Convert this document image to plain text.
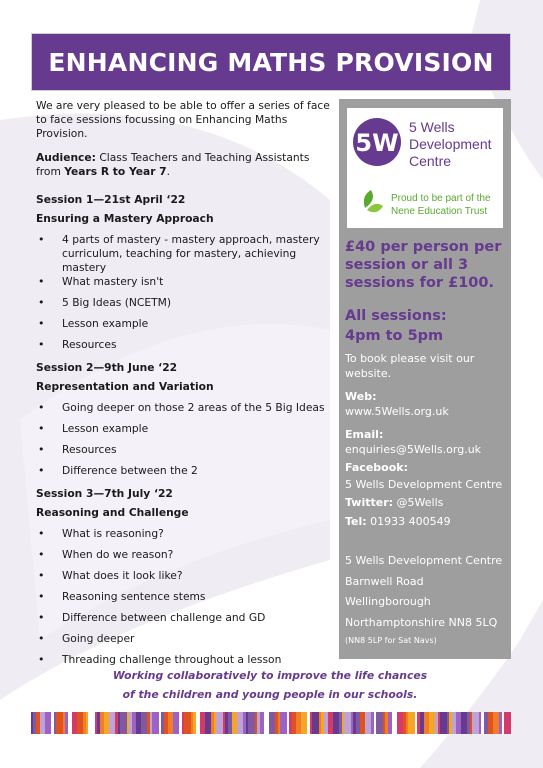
ENHANCING MATHS PROVISION

We are very pleased to be able to offer a series of face to face sessions focussing on Enhancing Maths Provision.

Audience: Class Teachers and Teaching Assistants from Years R to Year 7.

Session 1—21st April ‘22

Ensuring a Mastery Approach

• 4 parts of mastery - mastery approach, mastery curriculum, teaching for mastery, achieving mastery
• What mastery isn't
• 5 Big Ideas (NCETM)
• Lesson example
• Resources

Session 2—9th June ‘22

Representation and Variation

• Going deeper on those 2 areas of the 5 Big Ideas
• Lesson example
• Resources
• Difference between the 2

Session 3—7th July ‘22

Reasoning and Challenge

• What is reasoning?
• When do we reason?
• What does it look like?
• Reasoning sentence stems
• Difference between challenge and GD
• Going deeper
• Threading challenge throughout a lesson
5W
5 Wells
Development
Centre
Proud to be part of the
Nene Education Trust
£40 per person per session or all 3 sessions for £100.
All sessions:
4pm to 5pm

To book please visit our website.

Web:

www.5Wells.org.uk

Email:

enquiries@5Wells.org.uk

Facebook:

5 Wells Development Centre

Twitter: @5Wells

Tel: 01933 400549

5 Wells Development Centre

Barnwell Road

Wellingborough

Northamptonshire NN8 5LQ

(NN8 5LP for Sat Navs)

Working collaboratively to improve the life chances

of the children and young people in our schools.
